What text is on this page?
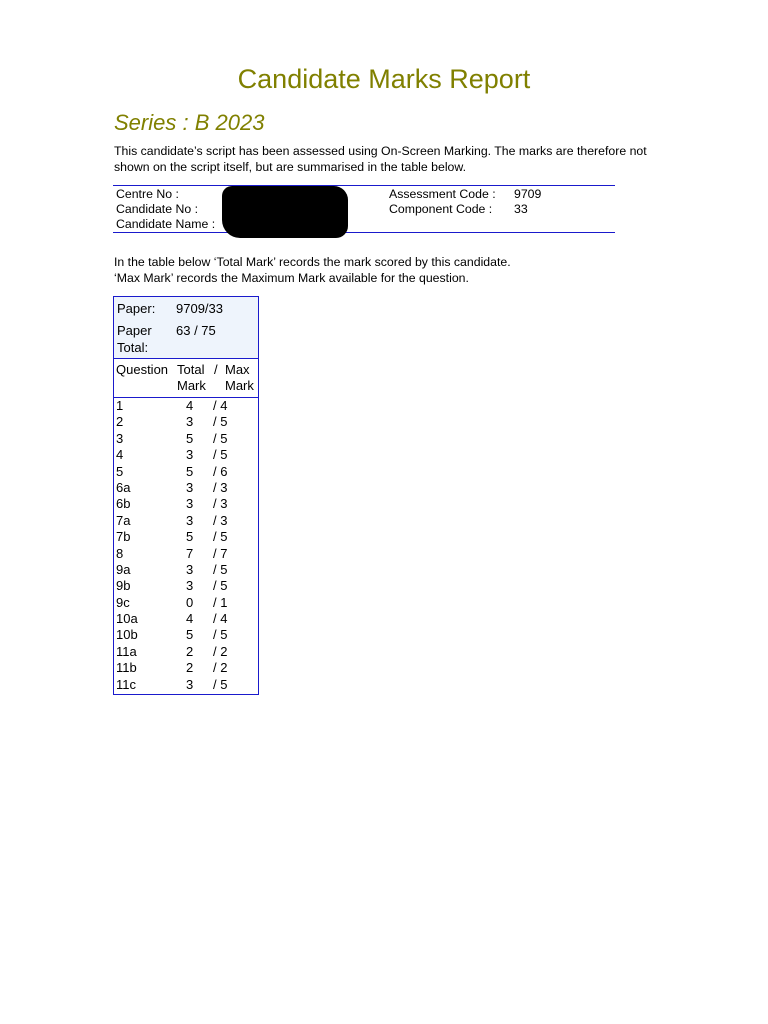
Candidate Marks Report
Series : B 2023
This candidate’s script has been assessed using On-Screen Marking. The marks are therefore not shown on the script itself, but are summarised in the table below.
Centre No :
Candidate No :
Candidate Name :
Assessment Code : 9709
Component Code : 33
In the table below ‘Total Mark’ records the mark scored by this candidate.
‘Max Mark’ records the Maximum Mark available for the question.
Paper: 9709/33
Paper
Total:
63 / 75
Question Total / Max
Mark Mark
1	4 / 4
2	3 / 5
3	5 / 5
4	3 / 5
5	5 / 6
6a	3 / 3
6b	3 / 3
7a	3 / 3
7b	5 / 5
8	7 / 7
9a	3 / 5
9b	3 / 5
9c	0 / 1
10a	4 / 4
10b	5 / 5
11a	2 / 2
11b	2 / 2
11c	3 / 5
